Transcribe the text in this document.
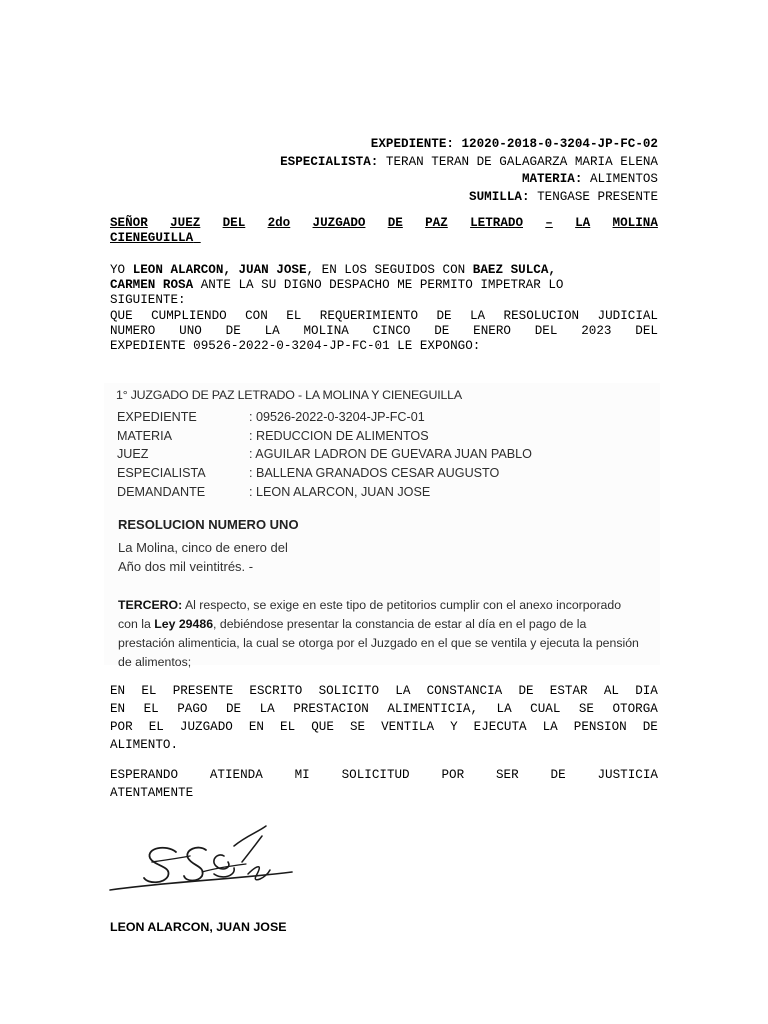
EXPEDIENTE: 12020-2018-0-3204-JP-FC-02
ESPECIALISTA: TERAN TERAN DE GALAGARZA MARIA ELENA
MATERIA: ALIMENTOS
SUMILLA: TENGASE PRESENTE
SEÑOR JUEZ DEL 2do JUZGADO DE PAZ LETRADO – LA MOLINA
CIENEGUILLA
YO LEON ALARCON, JUAN JOSE, EN LOS SEGUIDOS CON BAEZ SULCA,
CARMEN ROSA ANTE LA SU DIGNO DESPACHO ME PERMITO IMPETRAR LO
SIGUIENTE:
QUE CUMPLIENDO CON EL REQUERIMIENTO DE LA RESOLUCION JUDICIAL
NUMERO UNO DE LA MOLINA CINCO DE ENERO DEL 2023 DEL
EXPEDIENTE 09526-2022-0-3204-JP-FC-01 LE EXPONGO:
1° JUZGADO DE PAZ LETRADO - LA MOLINA Y CIENEGUILLA
EXPEDIENTE	: 09526-2022-0-3204-JP-FC-01
MATERIA	: REDUCCION DE ALIMENTOS
JUEZ	: AGUILAR LADRON DE GUEVARA JUAN PABLO
ESPECIALISTA	: BALLENA GRANADOS CESAR AUGUSTO
DEMANDANTE	: LEON ALARCON, JUAN JOSE
RESOLUCION NUMERO UNO
La Molina, cinco de enero del
Año dos mil veintitrés. -
TERCERO: Al respecto, se exige en este tipo de petitorios cumplir con el anexo incorporado con la Ley 29486, debiéndose presentar la constancia de estar al día en el pago de la prestación alimenticia, la cual se otorga por el Juzgado en el que se ventila y ejecuta la pensión de alimentos;
EN EL PRESENTE ESCRITO SOLICITO LA CONSTANCIA DE ESTAR AL DIA
EN EL PAGO DE LA PRESTACION ALIMENTICIA, LA CUAL SE OTORGA
POR EL JUZGADO EN EL QUE SE VENTILA Y EJECUTA LA PENSION DE
ALIMENTO.
ESPERANDO	ATIENDA	MI	SOLICITUD	POR	SER	DE	JUSTICIA
ATENTAMENTE
LEON ALARCON, JUAN JOSE
